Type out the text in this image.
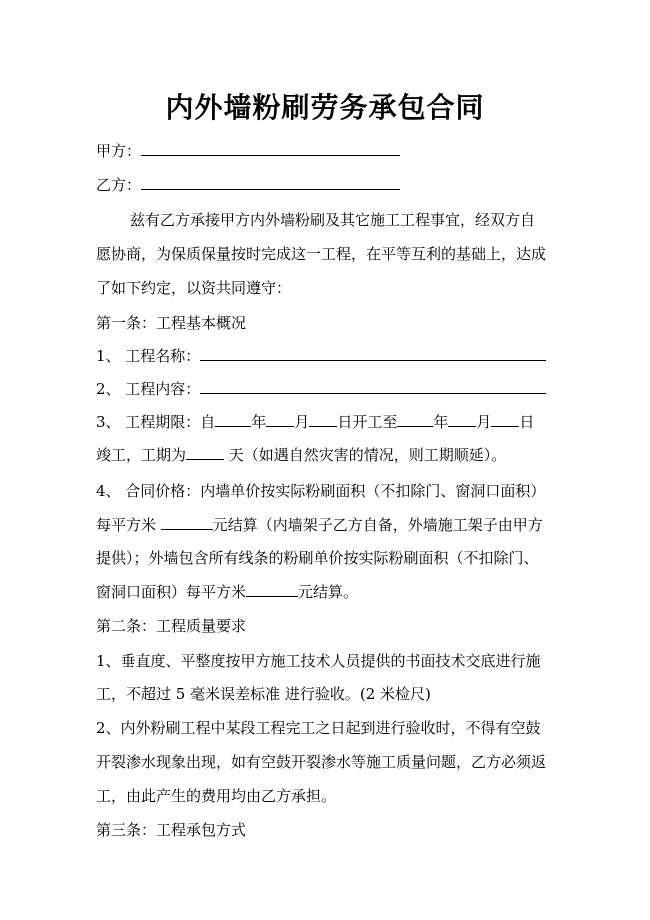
内外墙粉刷劳务承包合同
甲方：
乙方：
兹有乙方承接甲方内外墙粉刷及其它施工工程事宜，经双方自
愿协商，为保质保量按时完成这一工程，在平等互利的基础上，达成
了如下约定，以资共同遵守：
第一条：工程基本概况
1、 工程名称：
2、 工程内容：
3、 工程期限：自 年 月 日开工至 年 月 日
竣工，工期为	天（如遇自然灾害的情况，则工期顺延）。
4、 合同价格：内墙单价按实际粉刷面积（不扣除门、窗洞口面积）
每平方米	元结算（内墙架子乙方自备，外墙施工架子由甲方
提供）；外墙包含所有线条的粉刷单价按实际粉刷面积（不扣除门、
窗洞口面积）每平方米	元结算。
第二条：工程质量要求
1、垂直度、平整度按甲方施工技术人员提供的书面技术交底进行施
工，不超过 5 毫米误差标准 进行验收。(2 米检尺)
2、内外粉刷工程中某段工程完工之日起到进行验收时，不得有空鼓
开裂渗水现象出现，如有空鼓开裂渗水等施工质量问题，乙方必须返
工，由此产生的费用均由乙方承担。
第三条：工程承包方式
